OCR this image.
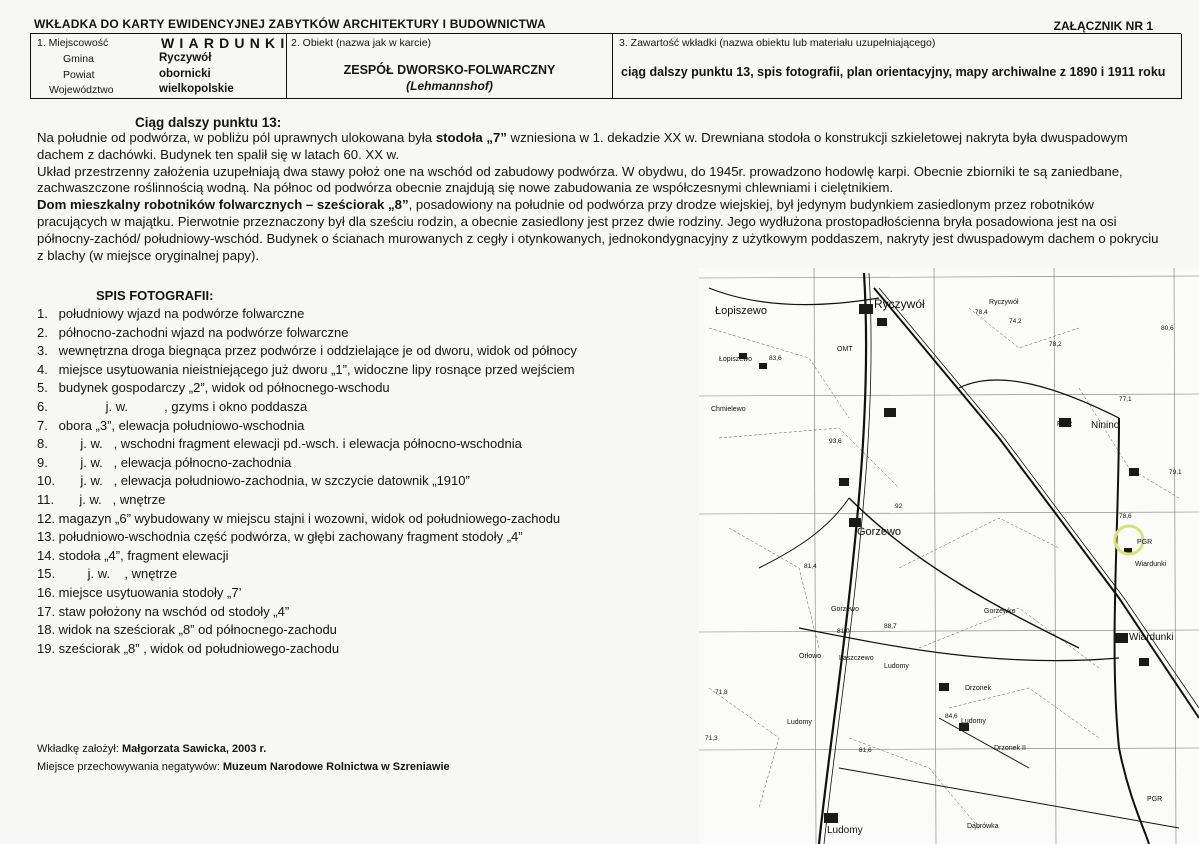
WKŁADKA DO KARTY EWIDENCYJNEJ ZABYTKÓW ARCHITEKTURY I BUDOWNICTWA	ZAŁĄCZNIK NR 1
1. Miejscowość	WIARDUNKI
Gmina	Ryczywół
Powiat	obornicki
Województwo	wielkopolskie
2. Obiekt (nazwa jak w karcie)
ZESPÓŁ DWORSKO-FOLWARCZNY
(Lehmannshof)
3. Zawartość wkładki (nazwa obiektu lub materiału uzupełniającego)
ciąg dalszy punktu 13, spis fotografii, plan orientacyjny, mapy archiwalne z 1890 i 1911 roku
Ciąg dalszy punktu 13:

Na południe od podwórza, w pobliżu pól uprawnych ulokowana była stodoła „7” wzniesiona w 1. dekadzie XX w. Drewniana stodoła o konstrukcji szkieletowej nakryta była dwuspadowym dachem z dachówki. Budynek ten spalił się w latach 60. XX w.

Układ przestrzenny założenia uzupełniają dwa stawy położ one na wschód od zabudowy podwórza. W obydwu, do 1945r. prowadzono hodowlę karpi. Obecnie zbiorniki te są zaniedbane, zachwaszczone roślinnością wodną. Na północ od podwórza obecnie znajdują się nowe zabudowania ze współczesnymi chlewniami i cielętnikiem.

Dom mieszkalny robotników folwarcznych – sześciorak „8”, posadowiony na południe od podwórza przy drodze wiejskiej, był jedynym budynkiem zasiedlonym przez robotników pracujących w majątku. Pierwotnie przeznaczony był dla sześciu rodzin, a obecnie zasiedlony jest przez dwie rodziny. Jego wydłużona prostopadłościenna bryła posadowiona jest na osi północny-zachód/ południowy-wschód. Budynek o ścianach murowanych z cegły i otynkowanych, jednokondygnacyjny z użytkowym poddaszem, nakryty jest dwuspadowym dachem o pokryciu z blachy (w miejsce oryginalnej papy).

SPIS FOTOGRAFII:
1.   południowy wjazd na podwórze folwarczne
2.   północno-zachodni wjazd na podwórze folwarczne
3.   wewnętrzna droga biegnąca przez podwórze i oddzielające je od dworu, widok od północy
4.   miejsce usytuowania nieistniejącego już dworu „1”, widoczne lipy rosnące przed wejściem
5.   budynek gospodarczy „2”, widok od północnego-wschodu
6.                j. w.          , gzyms i okno poddasza
7.   obora „3”, elewacja południowo-wschodnia
8.         j. w.   , wschodni fragment elewacji pd.-wsch. i elewacja północno-wschodnia
9.         j. w.   , elewacja północno-zachodnia
10.       j. w.   , elewacja południowo-zachodnia, w szczycie datownik „1910”
11.       j. w.   , wnętrze
12. magazyn „6” wybudowany w miejscu stajni i wozowni, widok od południowego-zachodu
13. południowo-wschodnia część podwórza, w głębi zachowany fragment stodoły „4”
14. stodoła „4”, fragment elewacji
15.         j. w.    , wnętrze
16. miejsce usytuowania stodoły „7’
17. staw położony na wschód od stodoły „4”
18. widok na sześciorak „8” od północnego-zachodu
19. sześciorak „8” , widok od południowego-zachodu
Wkładkę założył: Małgorzata Sawicka, 2003 r.
Miejsce przechowywania negatywów: Muzeum Narodowe Rolnictwa w Szreniawie
Ryczywół
Łopiszewo
Łopiszewo
Ryczywół
Chmielewo
Ninino
Gorzewo
Gorzewko
Gorzewo
Wiardunki
Wiardunki
Laszczewo
Orłowo
Ludomy
Ludomy
Ludomy
Ludomy
Drzonek
Drzonek II
Dąbrówka
PGR
PGR
PGR
OMT
78,4
74,2
80,6
78,2
83,6
93,6
77,1
79,1
78,6
81,4
88,7
81,0
71,8
84,6
71,3
81,6
92
